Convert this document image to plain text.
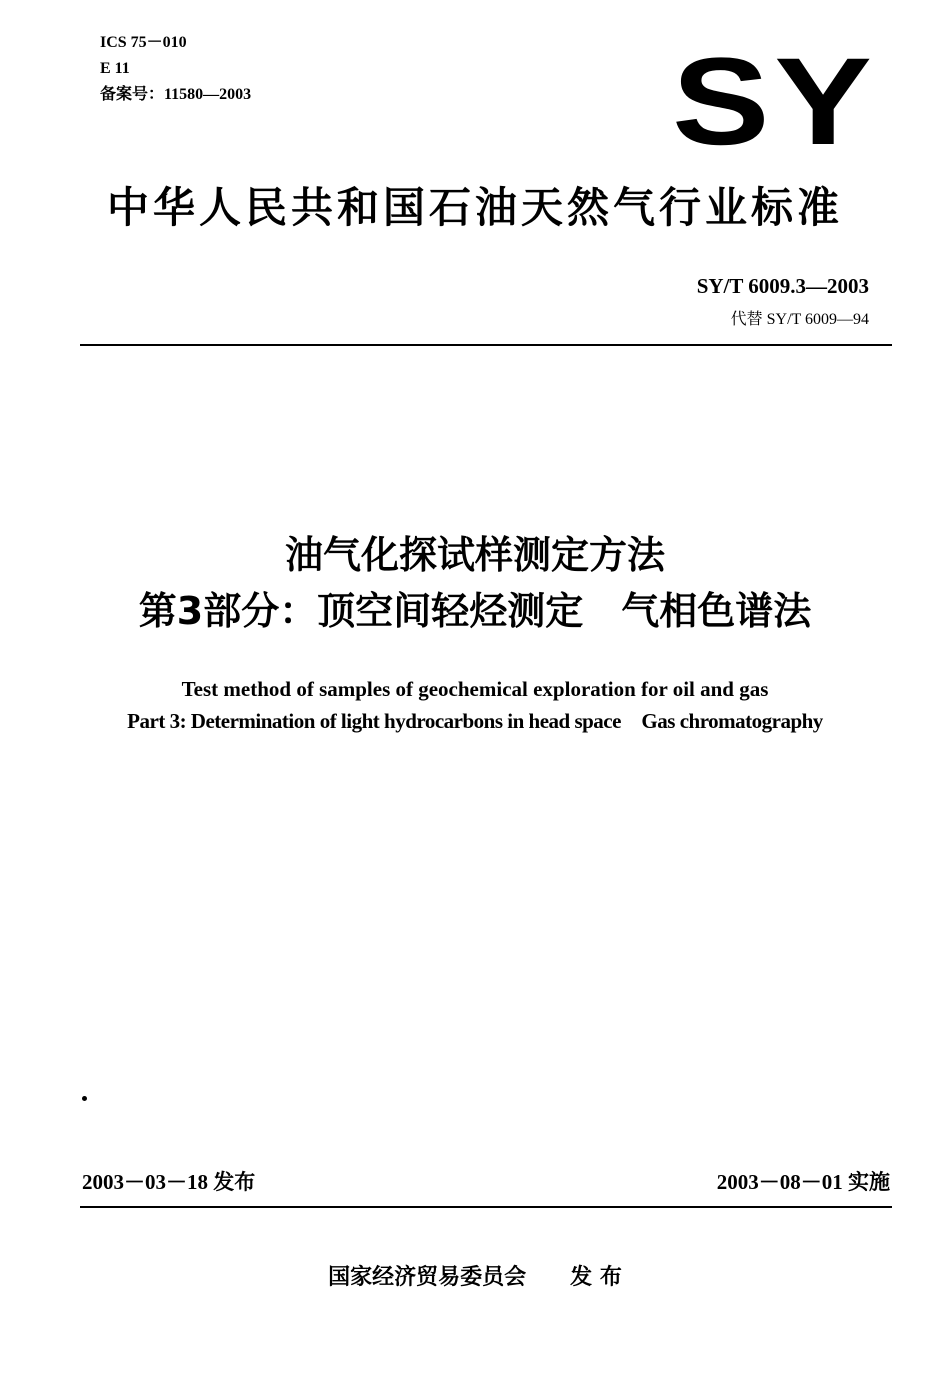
ICS 75－010
E 11
备案号：11580—2003	SY
中华人民共和国石油天然气行业标准
SY/T 6009.3—2003
代替 SY/T 6009—94
油气化探试样测定方法
第3部分：顶空间轻烃测定　气相色谱法
Test method of samples of geochemical exploration for oil and gas
Part 3: Determination of light hydrocarbons in head space　Gas chromatography
2003－03－18 发布	2003－08－01 实施
国家经济贸易委员会 发 布
